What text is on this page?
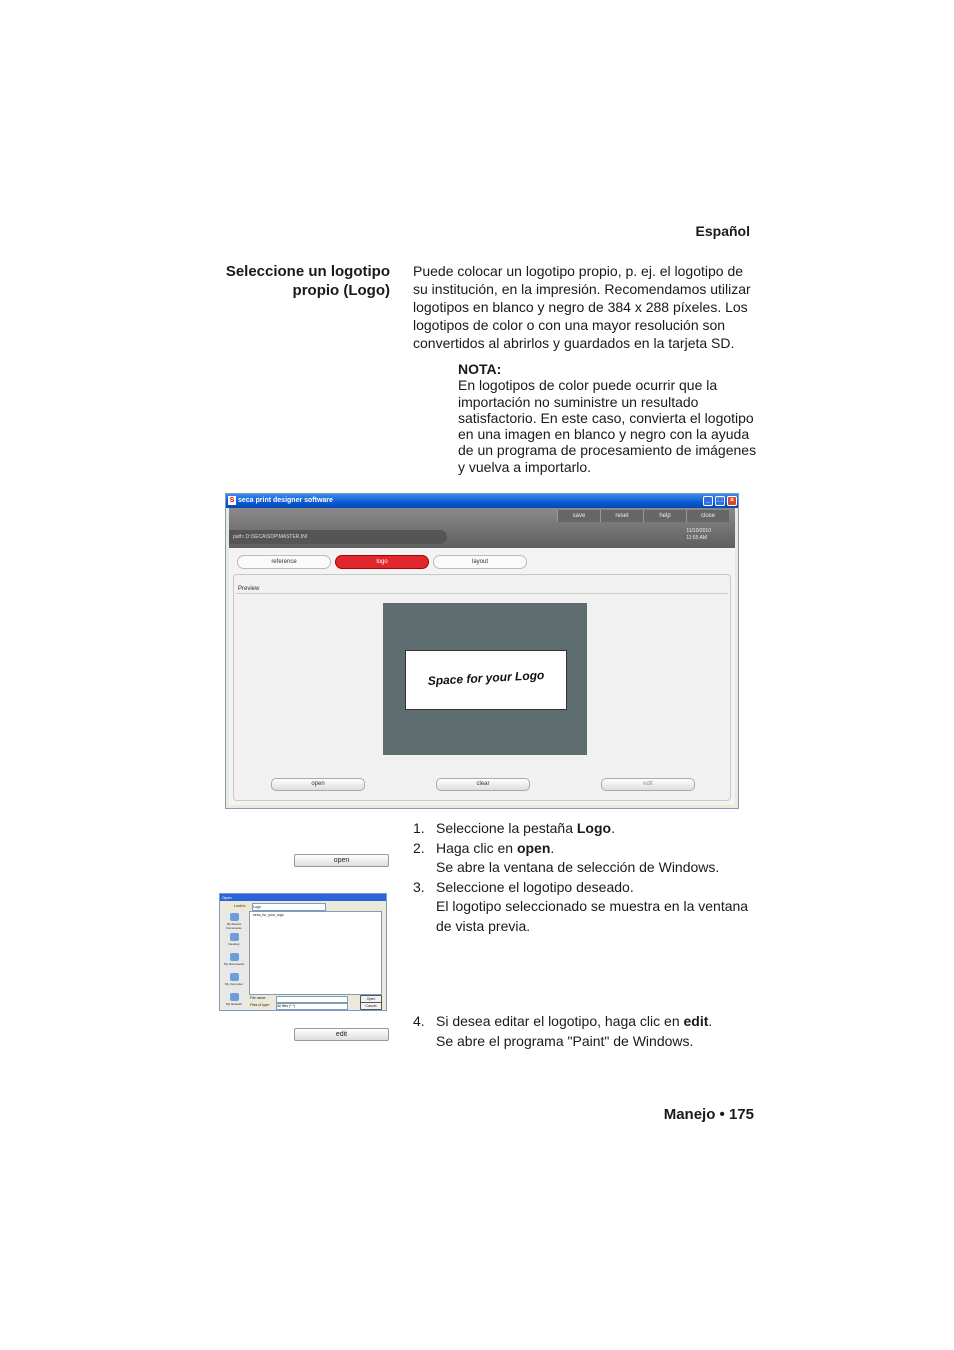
Español
Seleccione un logotipo
propio (Logo)
Puede colocar un logotipo propio, p. ej. el logotipo de su institución, en la impresión. Recomendamos utilizar logotipos en blanco y negro de 384 x 288 píxeles. Los logotipos de color o con una mayor resolución son convertidos al abrirlos y guardados en la tarjeta SD.
NOTA:
En logotipos de color puede ocurrir que la importación no suministre un resultado satisfactorio. En este caso, convierta el logotipo en una imagen en blanco y negro con la ayuda de un programa de procesamiento de imágenes y vuelva a importarlo.
S seca print designer software	_	□	×
save	reset	help	close
path: D:\SECA\SDP\MASTER.INI
11/10/2010
11:55 AM
reference	logo	layout
Preview
Space for your Logo
open	clear	edit
1. Seleccione la pestaña Logo.
2. Haga clic en open.
Se abre la ventana de selección de Windows.
3. Seleccione el logotipo deseado.
El logotipo seleccionado se muestra en la ventana de vista previa.
4. Si desea editar el logotipo, haga clic en edit.
Se abre el programa "Paint" de Windows.
open
edit
Open
Look in: Logo
My Recent Documents
Desktop
My Documents
My Computer
My Network
seca_for_your_logo
File name:
Files of type: All files (*.*)
Open
Cancel
Manejo • 175
